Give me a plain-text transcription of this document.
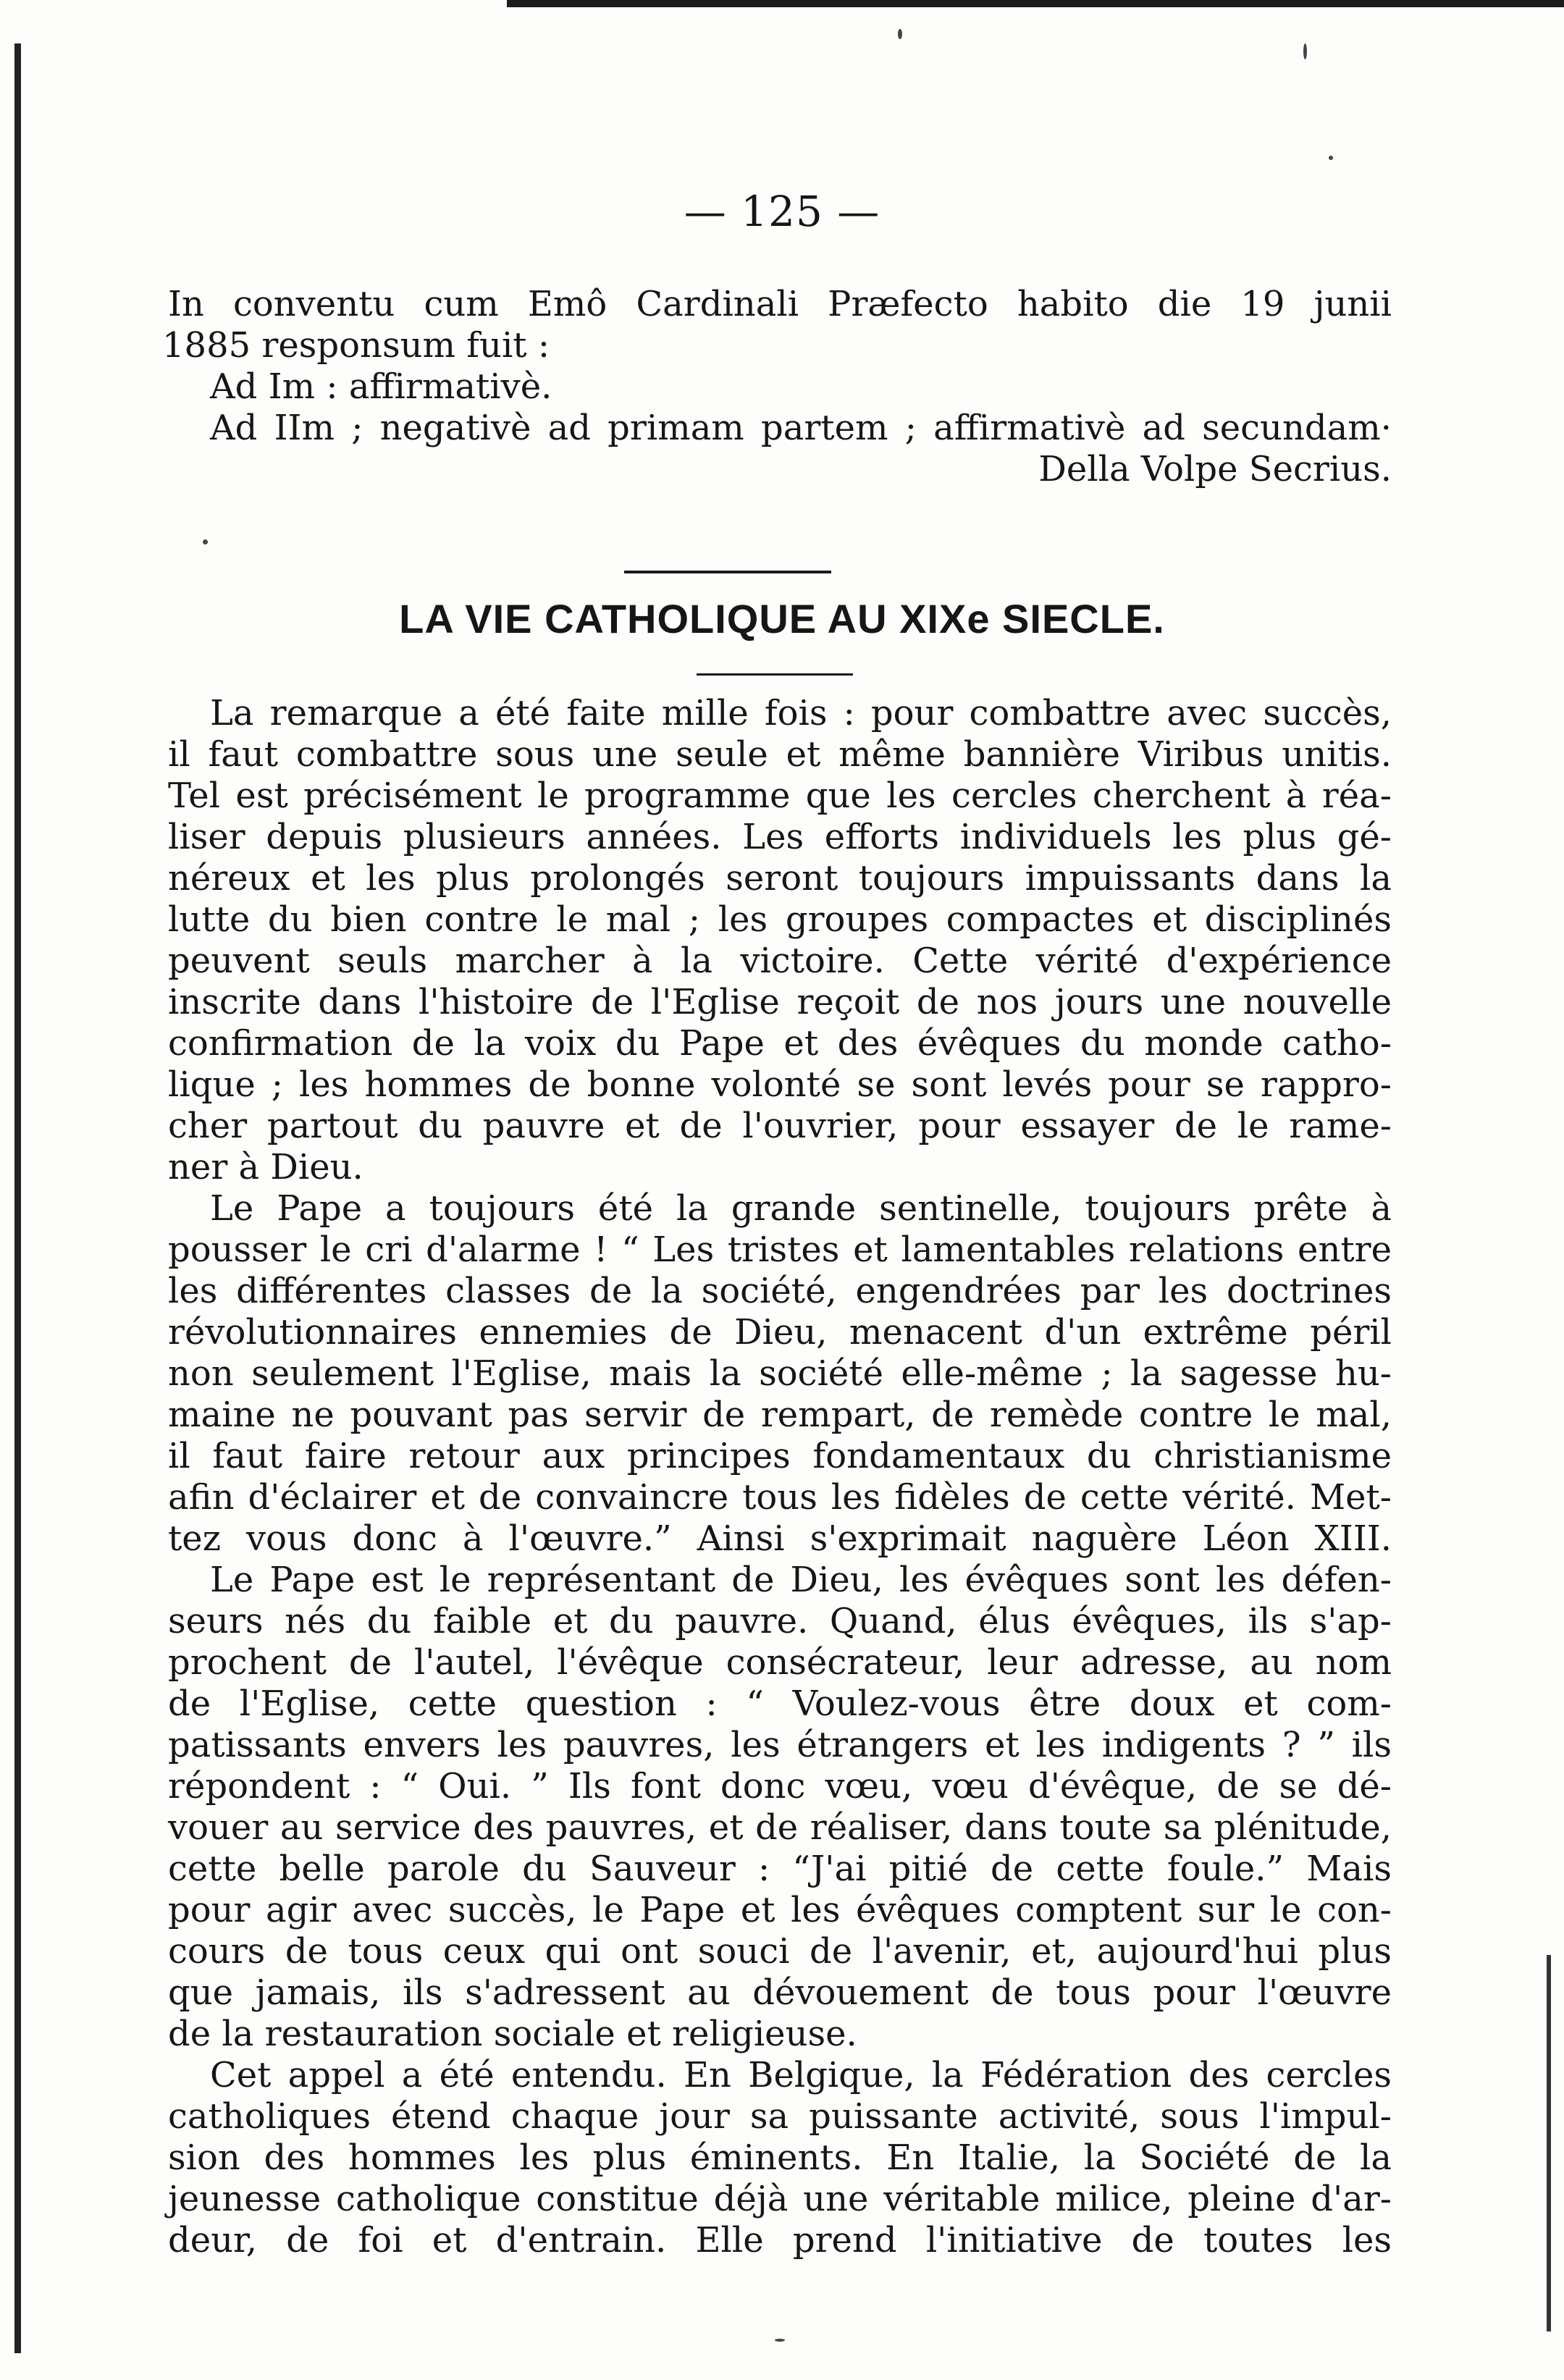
— 125 —
In conventu cum Emô Cardinali Præfecto habito die 19 junii
1885 responsum fuit :
Ad Im : affirmativè.
Ad IIm ; negativè ad primam partem ; affirmativè ad secundam·
Della Volpe Secrius.
LA VIE CATHOLIQUE AU XIXe SIECLE.
La remarque a été faite mille fois : pour combattre avec succès,
il faut combattre sous une seule et même bannière Viribus unitis.
Tel est précisément le programme que les cercles cherchent à réa-
liser depuis plusieurs années. Les efforts individuels les plus gé-
néreux et les plus prolongés seront toujours impuissants dans la
lutte du bien contre le mal ; les groupes compactes et disciplinés
peuvent seuls marcher à la victoire. Cette vérité d'expérience
inscrite dans l'histoire de l'Eglise reçoit de nos jours une nouvelle
confirmation de la voix du Pape et des évêques du monde catho-
lique ; les hommes de bonne volonté se sont levés pour se rappro-
cher partout du pauvre et de l'ouvrier, pour essayer de le rame-
ner à Dieu.
Le Pape a toujours été la grande sentinelle, toujours prête à
pousser le cri d'alarme ! “ Les tristes et lamentables relations entre
les différentes classes de la société, engendrées par les doctrines
révolutionnaires ennemies de Dieu, menacent d'un extrême péril
non seulement l'Eglise, mais la société elle-même ; la sagesse hu-
maine ne pouvant pas servir de rempart, de remède contre le mal,
il faut faire retour aux principes fondamentaux du christianisme
afin d'éclairer et de convaincre tous les fidèles de cette vérité. Met-
tez vous donc à l'œuvre.” Ainsi s'exprimait naguère Léon XIII.
Le Pape est le représentant de Dieu, les évêques sont les défen-
seurs nés du faible et du pauvre. Quand, élus évêques, ils s'ap-
prochent de l'autel, l'évêque consécrateur, leur adresse, au nom
de l'Eglise, cette question : “ Voulez-vous être doux et com-
patissants envers les pauvres, les étrangers et les indigents ? ” ils
répondent : “ Oui. ” Ils font donc vœu, vœu d'évêque, de se dé-
vouer au service des pauvres, et de réaliser, dans toute sa plénitude,
cette belle parole du Sauveur : “J'ai pitié de cette foule.” Mais
pour agir avec succès, le Pape et les évêques comptent sur le con-
cours de tous ceux qui ont souci de l'avenir, et, aujourd'hui plus
que jamais, ils s'adressent au dévouement de tous pour l'œuvre
de la restauration sociale et religieuse.
Cet appel a été entendu. En Belgique, la Fédération des cercles
catholiques étend chaque jour sa puissante activité, sous l'impul-
sion des hommes les plus éminents. En Italie, la Société de la
jeunesse catholique constitue déjà une véritable milice, pleine d'ar-
deur, de foi et d'entrain. Elle prend l'initiative de toutes les
